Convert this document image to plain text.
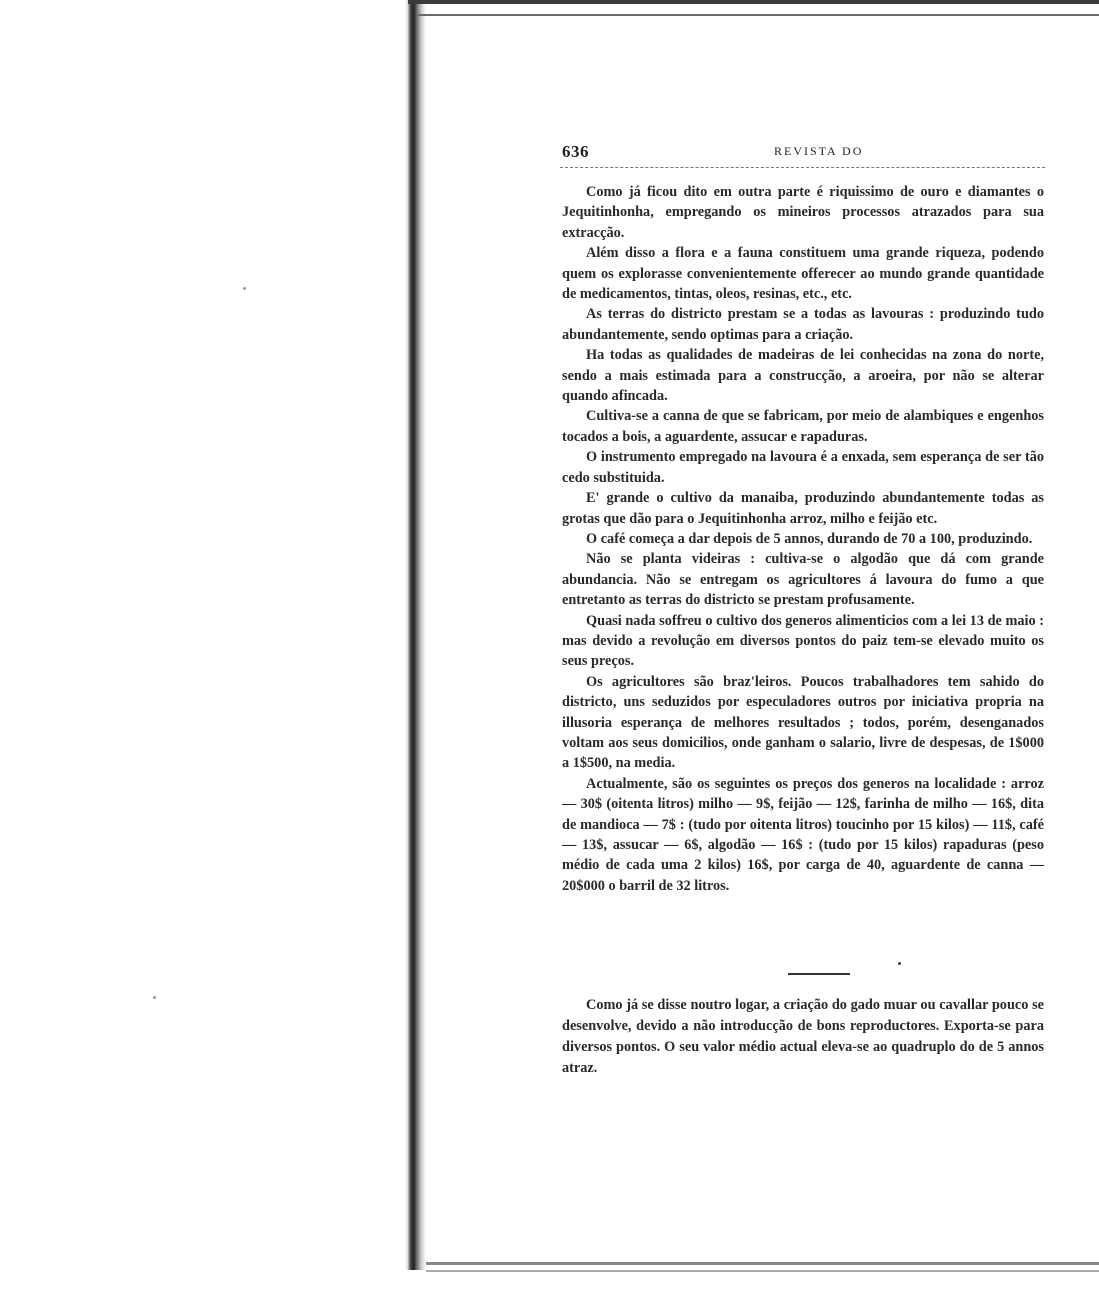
636	REVISTA DO

Como já ficou dito em outra parte é riquissimo de ouro e diamantes o Jequitinhonha, empregando os mineiros processos atrazados para sua extracção.

Além disso a flora e a fauna constituem uma grande riqueza, podendo quem os explorasse convenientemente offerecer ao mundo grande quantidade de medicamentos, tintas, oleos, resinas, etc., etc.

As terras do districto prestam se a todas as lavouras : produzindo tudo abundantemente, sendo optimas para a criação.

Ha todas as qualidades de madeiras de lei conhecidas na zona do norte, sendo a mais estimada para a construcção, a aroeira, por não se alterar quando afincada.

Cultiva-se a canna de que se fabricam, por meio de alambiques e engenhos tocados a bois, a aguardente, assucar e rapaduras.

O instrumento empregado na lavoura é a enxada, sem esperança de ser tão cedo substituida.

E' grande o cultivo da manaiba, produzindo abundantemente todas as grotas que dão para o Jequitinhonha arroz, milho e feijão etc.

O café começa a dar depois de 5 annos, durando de 70 a 100, produzindo.

Não se planta videiras : cultiva-se o algodão que dá com grande abundancia. Não se entregam os agricultores á lavoura do fumo a que entretanto as terras do districto se prestam profusamente.

Quasi nada soffreu o cultivo dos generos alimenticios com a lei 13 de maio : mas devido a revolução em diversos pontos do paiz tem-se elevado muito os seus preços.

Os agricultores são braz'leiros. Poucos trabalhadores tem sahido do districto, uns seduzidos por especuladores outros por iniciativa propria na illusoria esperança de melhores resultados ; todos, porém, desenganados voltam aos seus domicilios, onde ganham o salario, livre de despesas, de 1$000 a 1$500, na media.

Actualmente, são os seguintes os preços dos generos na localidade : arroz — 30$ (oitenta litros) milho — 9$, feijão — 12$, farinha de milho — 16$, dita de mandioca — 7$ : (tudo por oitenta litros) toucinho por 15 kilos) — 11$, café — 13$, assucar — 6$, algodão — 16$ : (tudo por 15 kilos) rapaduras (peso médio de cada uma 2 kilos) 16$, por carga de 40, aguardente de canna — 20$000 o barril de 32 litros.

Como já se disse noutro logar, a criação do gado muar ou cavallar pouco se desenvolve, devido a não introducção de bons reproductores. Exporta-se para diversos pontos. O seu valor médio actual eleva-se ao quadruplo do de 5 annos atraz.
